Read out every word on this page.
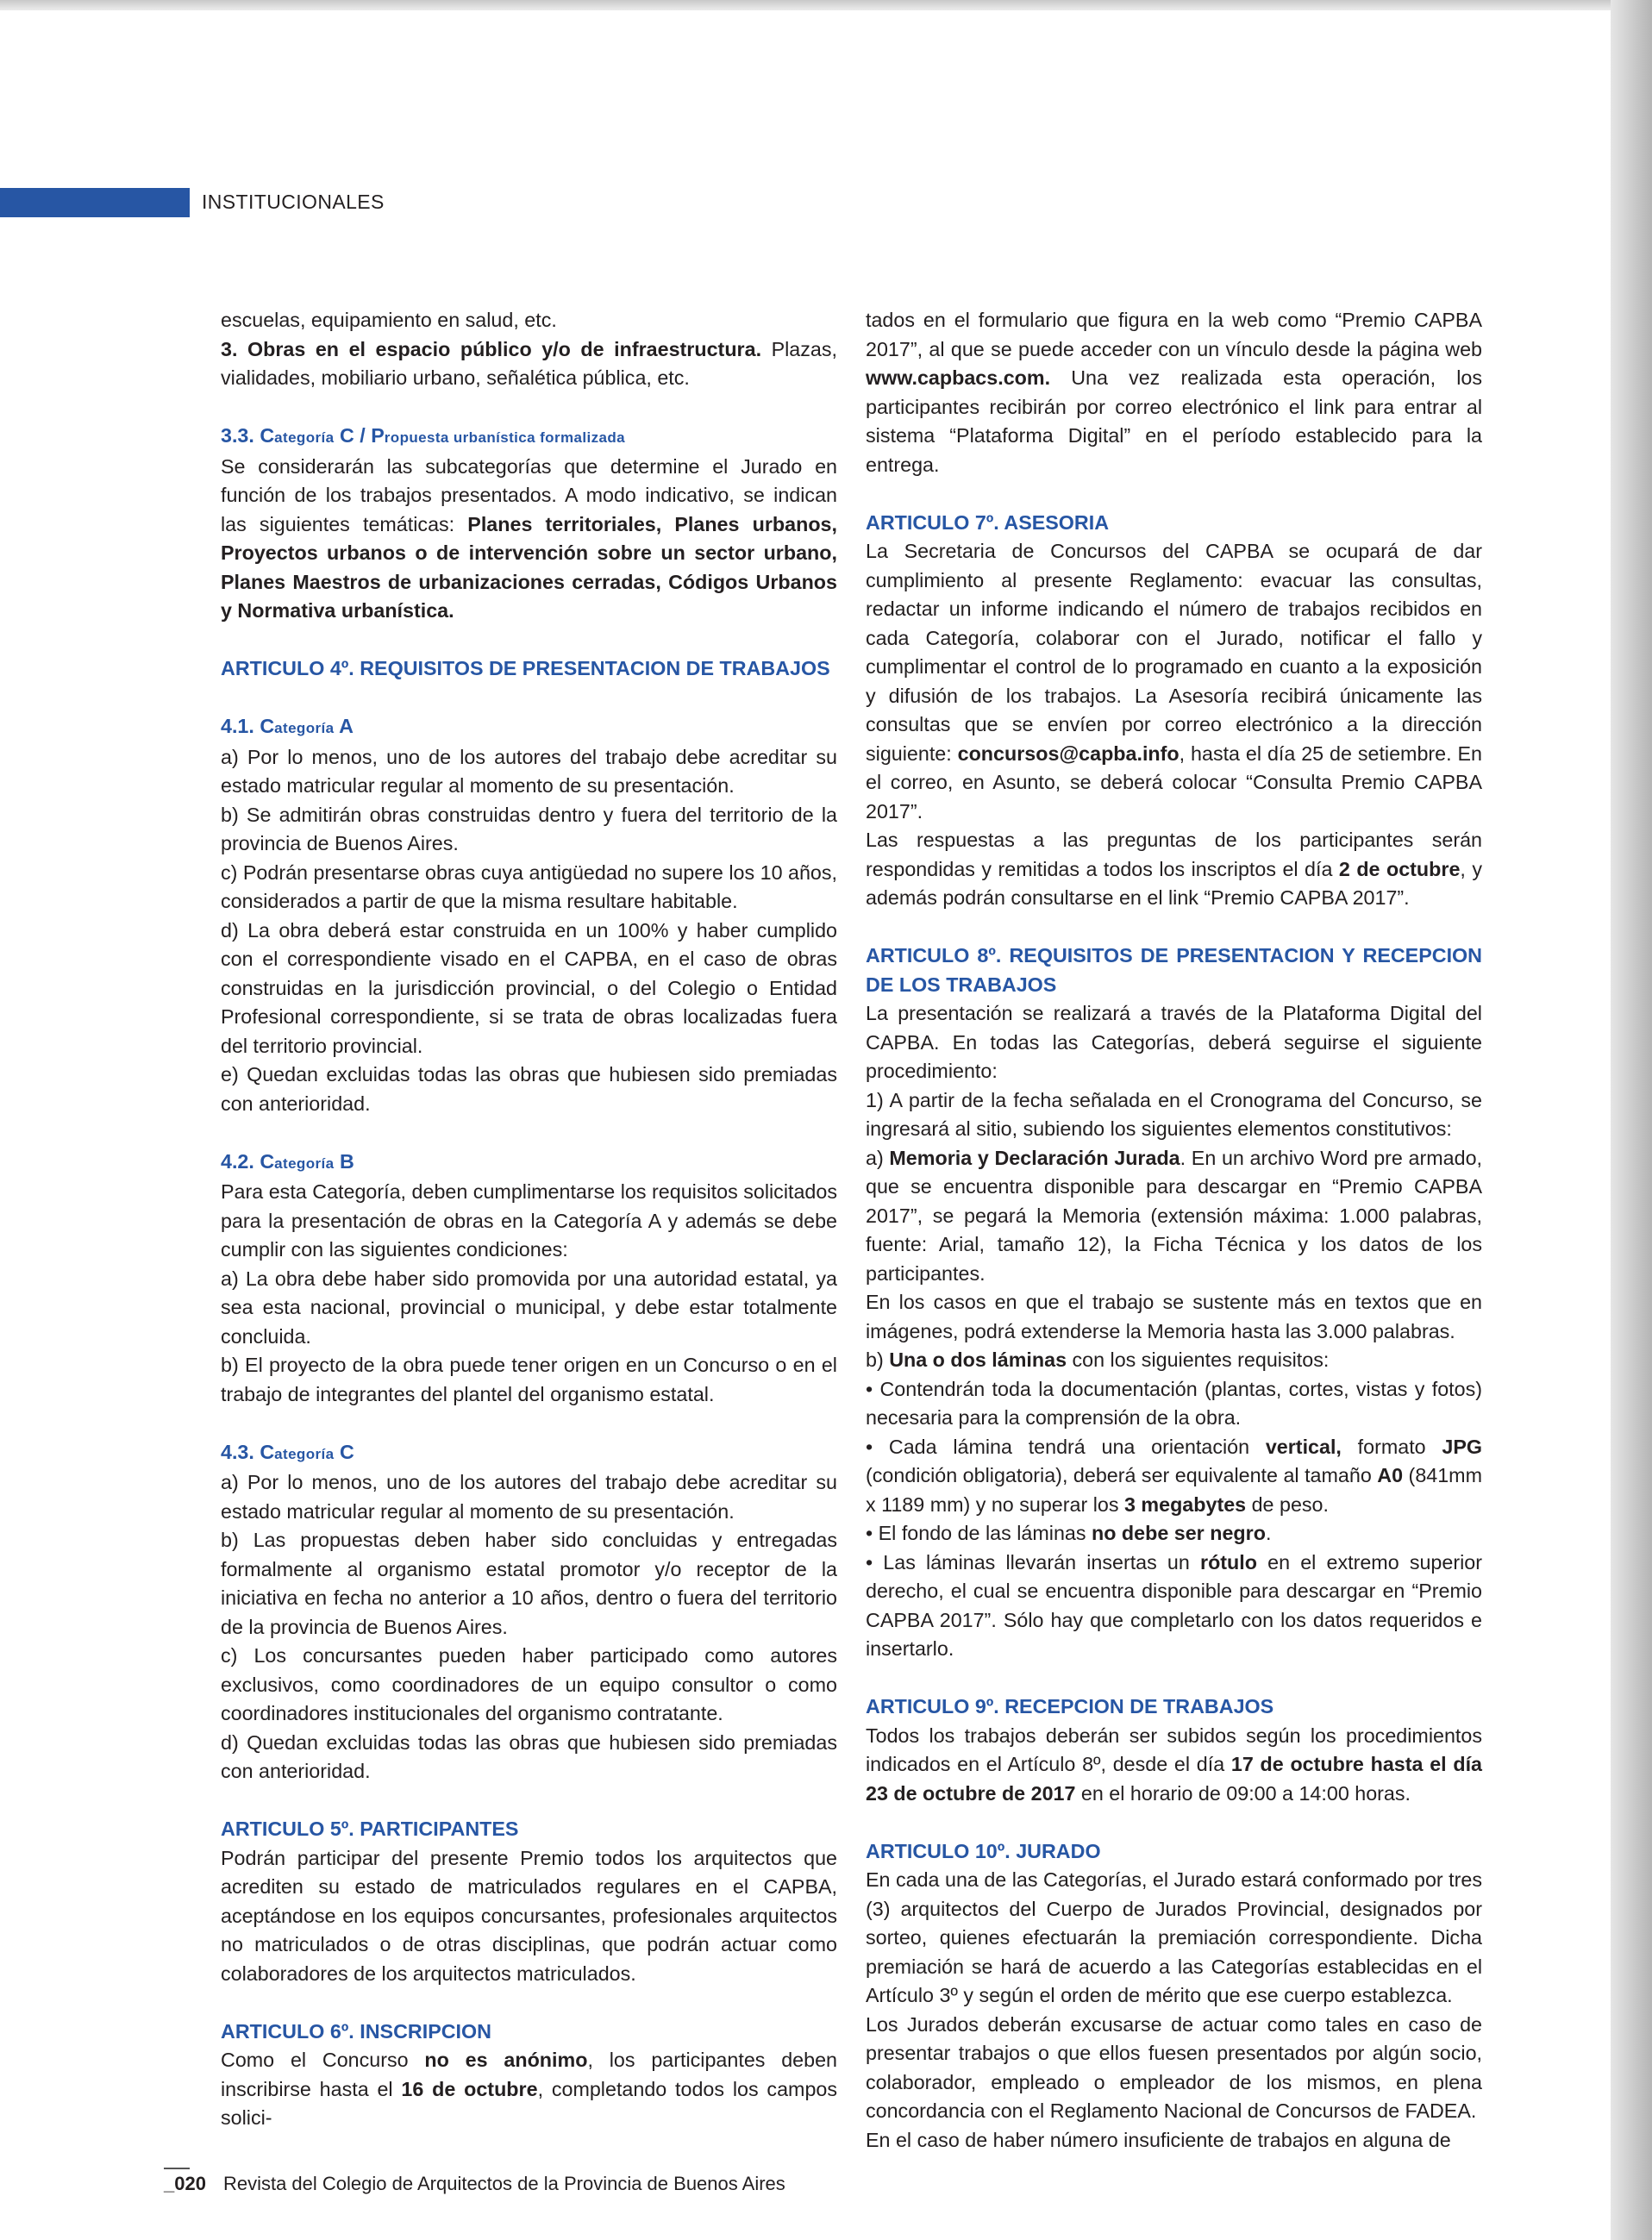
INSTITUCIONALES

escuelas, equipamiento en salud, etc.

3. Obras en el espacio público y/o de infraestructura. Plazas, vialidades, mobiliario urbano, señalética pública, etc.

3.3. Categoría C / Propuesta urbanística formalizada

Se considerarán las subcategorías que determine el Jurado en función de los trabajos presentados. A modo indicativo, se indican las siguientes temáticas: Planes territoriales, Planes urbanos, Proyectos urbanos o de intervención sobre un sector urbano, Planes Maestros de urbanizaciones cerradas, Códigos Urbanos y Normativa urbanística.

ARTICULO 4º. REQUISITOS DE PRESENTACION DE TRABAJOS

4.1. Categoría A

a) Por lo menos, uno de los autores del trabajo debe acreditar su estado matricular regular al momento de su presentación.

b) Se admitirán obras construidas dentro y fuera del territorio de la provincia de Buenos Aires.

c) Podrán presentarse obras cuya antigüedad no supere los 10 años, considerados a partir de que la misma resultare habitable.

d) La obra deberá estar construida en un 100% y haber cumplido con el correspondiente visado en el CAPBA, en el caso de obras construidas en la jurisdicción provincial, o del Colegio o Entidad Profesional correspondiente, si se trata de obras localizadas fuera del territorio provincial.

e) Quedan excluidas todas las obras que hubiesen sido premiadas con anterioridad.

4.2. Categoría B

Para esta Categoría, deben cumplimentarse los requisitos solicitados para la presentación de obras en la Categoría A y además se debe cumplir con las siguientes condiciones:

a) La obra debe haber sido promovida por una autoridad estatal, ya sea esta nacional, provincial o municipal, y debe estar totalmente concluida.

b) El proyecto de la obra puede tener origen en un Concurso o en el trabajo de integrantes del plantel del organismo estatal.

4.3. Categoría C

a) Por lo menos, uno de los autores del trabajo debe acreditar su estado matricular regular al momento de su presentación.

b) Las propuestas deben haber sido concluidas y entregadas formalmente al organismo estatal promotor y/o receptor de la iniciativa en fecha no anterior a 10 años, dentro o fuera del territorio de la provincia de Buenos Aires.

c) Los concursantes pueden haber participado como autores exclusivos, como coordinadores de un equipo consultor o como coordinadores institucionales del organismo contratante.

d) Quedan excluidas todas las obras que hubiesen sido premiadas con anterioridad.

ARTICULO 5º. PARTICIPANTES

Podrán participar del presente Premio todos los arquitectos que acrediten su estado de matriculados regulares en el CAPBA, aceptándose en los equipos concursantes, profesionales arquitectos no matriculados o de otras disciplinas, que podrán actuar como colaboradores de los arquitectos matriculados.

ARTICULO 6º. INSCRIPCION

Como el Concurso no es anónimo, los participantes deben inscribirse hasta el 16 de octubre, completando todos los campos solici-

tados en el formulario que figura en la web como “Premio CAPBA 2017”, al que se puede acceder con un vínculo desde la página web www.capbacs.com. Una vez realizada esta operación, los participantes recibirán por correo electrónico el link para entrar al sistema “Plataforma Digital” en el período establecido para la entrega.

ARTICULO 7º. ASESORIA

La Secretaria de Concursos del CAPBA se ocupará de dar cumplimiento al presente Reglamento: evacuar las consultas, redactar un informe indicando el número de trabajos recibidos en cada Categoría, colaborar con el Jurado, notificar el fallo y cumplimentar el control de lo programado en cuanto a la exposición y difusión de los trabajos. La Asesoría recibirá únicamente las consultas que se envíen por correo electrónico a la dirección siguiente: concursos@capba.info, hasta el día 25 de setiembre. En el correo, en Asunto, se deberá colocar “Consulta Premio CAPBA 2017”.

Las respuestas a las preguntas de los participantes serán respondidas y remitidas a todos los inscriptos el día 2 de octubre, y además podrán consultarse en el link “Premio CAPBA 2017”.

ARTICULO 8º. REQUISITOS DE PRESENTACION Y RECEPCION DE LOS TRABAJOS

La presentación se realizará a través de la Plataforma Digital del CAPBA. En todas las Categorías, deberá seguirse el siguiente procedimiento:

1) A partir de la fecha señalada en el Cronograma del Concurso, se ingresará al sitio, subiendo los siguientes elementos constitutivos:

a) Memoria y Declaración Jurada. En un archivo Word pre armado, que se encuentra disponible para descargar en “Premio CAPBA 2017”, se pegará la Memoria (extensión máxima: 1.000 palabras, fuente: Arial, tamaño 12), la Ficha Técnica y los datos de los participantes.

En los casos en que el trabajo se sustente más en textos que en imágenes, podrá extenderse la Memoria hasta las 3.000 palabras.

b) Una o dos láminas con los siguientes requisitos:

• Contendrán toda la documentación (plantas, cortes, vistas y fotos) necesaria para la comprensión de la obra.

• Cada lámina tendrá una orientación vertical, formato JPG (condición obligatoria), deberá ser equivalente al tamaño A0 (841mm x 1189 mm) y no superar los 3 megabytes de peso.

• El fondo de las láminas no debe ser negro.

• Las láminas llevarán insertas un rótulo en el extremo superior derecho, el cual se encuentra disponible para descargar en “Premio CAPBA 2017”. Sólo hay que completarlo con los datos requeridos e insertarlo.

ARTICULO 9º. RECEPCION DE TRABAJOS

Todos los trabajos deberán ser subidos según los procedimientos indicados en el Artículo 8º, desde el día 17 de octubre hasta el día 23 de octubre de 2017 en el horario de 09:00 a 14:00 horas.

ARTICULO 10º. JURADO

En cada una de las Categorías, el Jurado estará conformado por tres (3) arquitectos del Cuerpo de Jurados Provincial, designados por sorteo, quienes efectuarán la premiación correspondiente. Dicha premiación se hará de acuerdo a las Categorías establecidas en el Artículo 3º y según el orden de mérito que ese cuerpo establezca.

Los Jurados deberán excusarse de actuar como tales en caso de presentar trabajos o que ellos fuesen presentados por algún socio, colaborador, empleado o empleador de los mismos, en plena concordancia con el Reglamento Nacional de Concursos de FADEA.

En el caso de haber número insuficiente de trabajos en alguna de

_020 Revista del Colegio de Arquitectos de la Provincia de Buenos Aires
